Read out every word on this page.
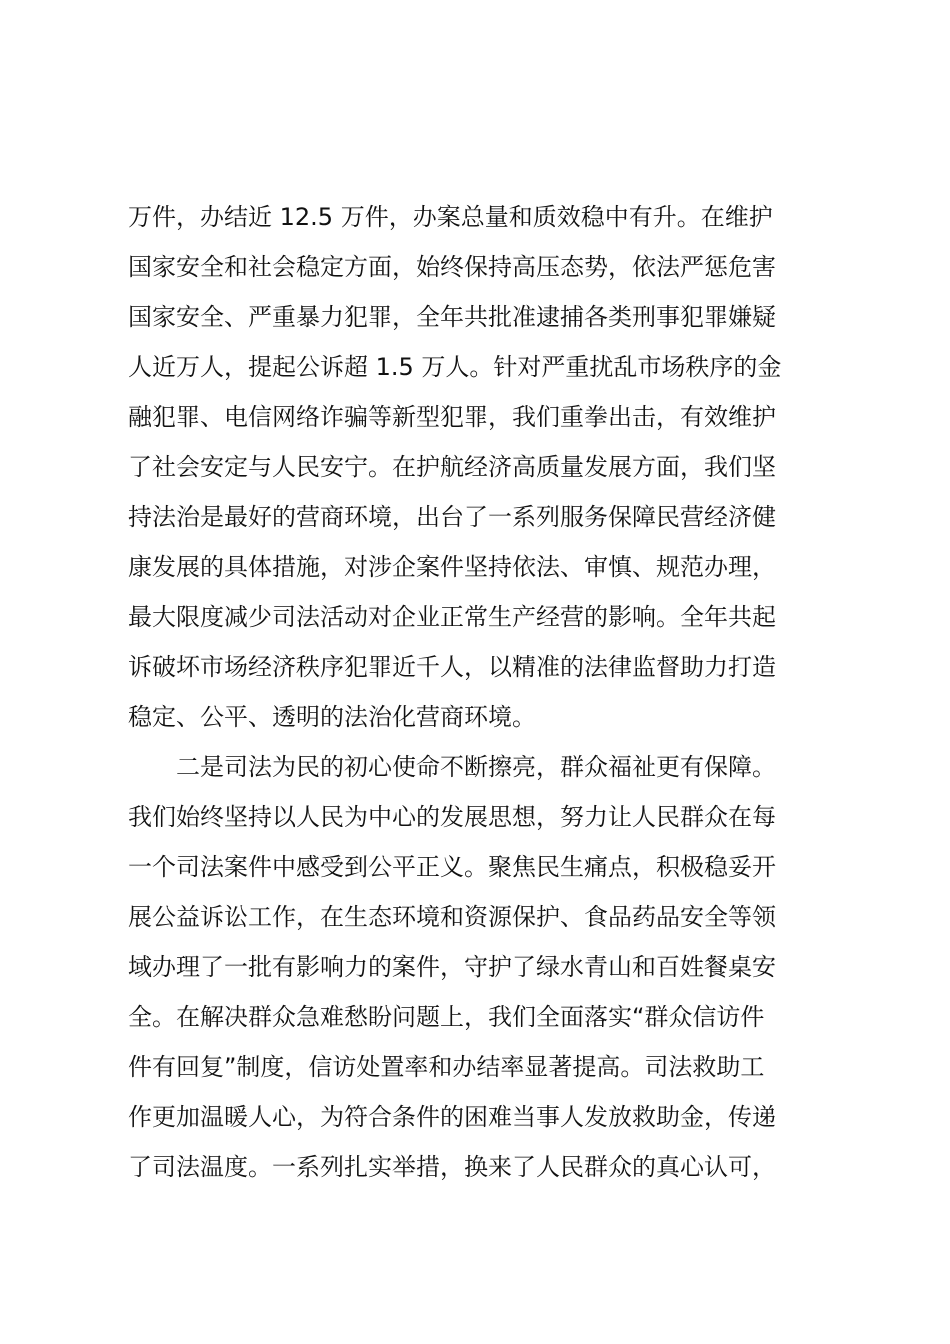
万件，办结近 12.5 万件，办案总量和质效稳中有升。在维护
国家安全和社会稳定方面，始终保持高压态势，依法严惩危害
国家安全、严重暴力犯罪，全年共批准逮捕各类刑事犯罪嫌疑
人近万人，提起公诉超 1.5 万人。针对严重扰乱市场秩序的金
融犯罪、电信网络诈骗等新型犯罪，我们重拳出击，有效维护
了社会安定与人民安宁。在护航经济高质量发展方面，我们坚
持法治是最好的营商环境，出台了一系列服务保障民营经济健
康发展的具体措施，对涉企案件坚持依法、审慎、规范办理，
最大限度减少司法活动对企业正常生产经营的影响。全年共起
诉破坏市场经济秩序犯罪近千人，以精准的法律监督助力打造
稳定、公平、透明的法治化营商环境。
二是司法为民的初心使命不断擦亮，群众福祉更有保障。
我们始终坚持以人民为中心的发展思想，努力让人民群众在每
一个司法案件中感受到公平正义。聚焦民生痛点，积极稳妥开
展公益诉讼工作，在生态环境和资源保护、食品药品安全等领
域办理了一批有影响力的案件，守护了绿水青山和百姓餐桌安
全。在解决群众急难愁盼问题上，我们全面落实“群众信访件
件有回复”制度，信访处置率和办结率显著提高。司法救助工
作更加温暖人心，为符合条件的困难当事人发放救助金，传递
了司法温度。一系列扎实举措，换来了人民群众的真心认可，
